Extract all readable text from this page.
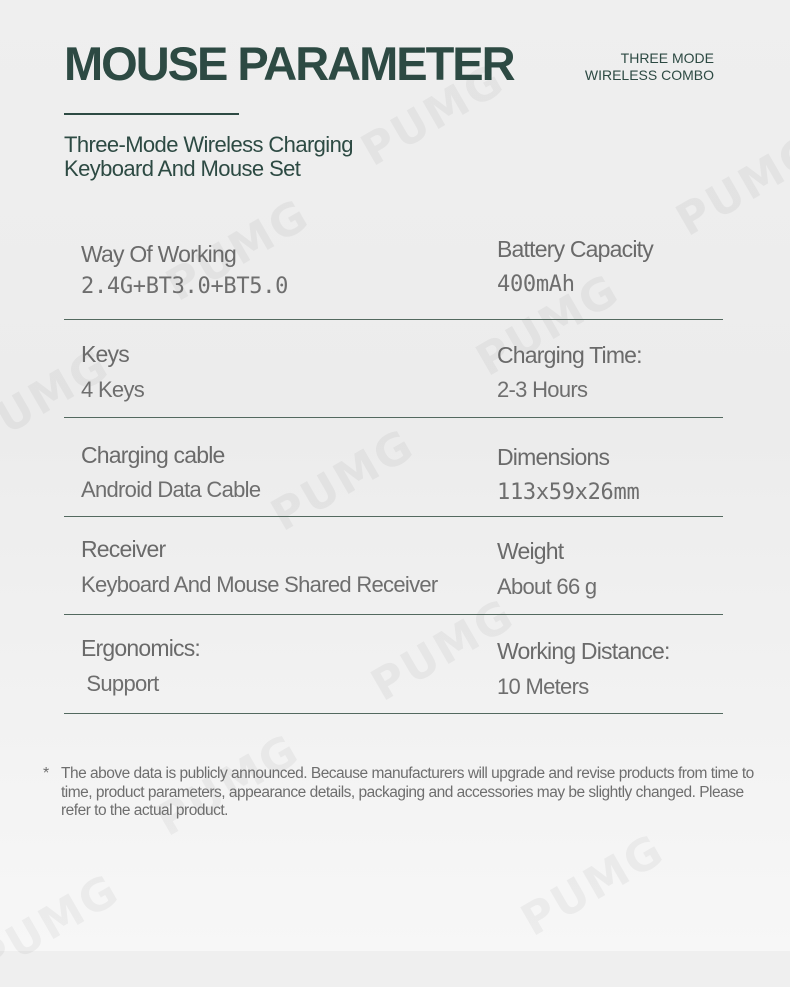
MOUSE PARAMETER	THREE MODE
WIRELESS COMBO
Three-Mode Wireless Charging
Keyboard And Mouse Set
Way Of Working
2.4G+BT3.0+BT5.0
Battery Capacity
400mAh
Keys
4 Keys
Charging Time:
2-3 Hours
Charging cable
Android Data Cable
Dimensions
113x59x26mm
Receiver
Keyboard And Mouse Shared Receiver
Weight
About 66 g
Ergonomics:
Support
Working Distance:
10 Meters
* The above data is publicly announced. Because manufacturers will upgrade and revise products from time to time, product parameters, appearance details, packaging and accessories may be slightly changed. Please refer to the actual product.
